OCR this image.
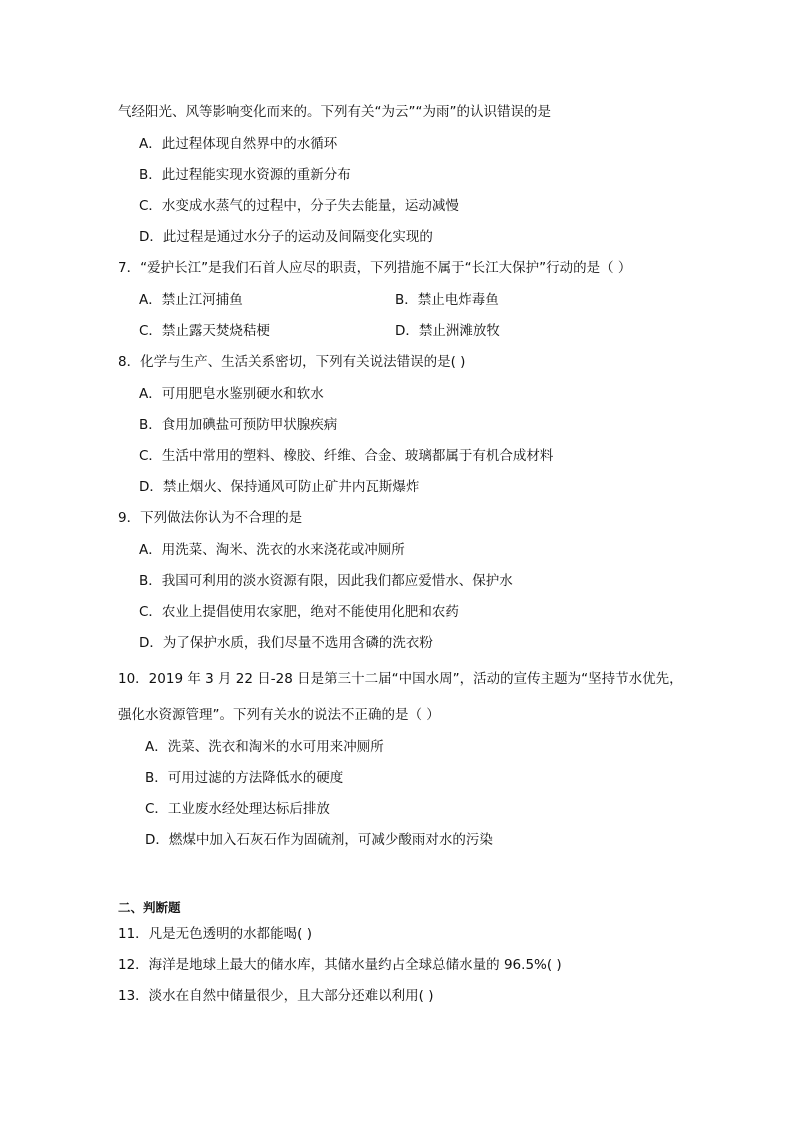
气经阳光、风等影响变化而来的。下列有关“为云”“为雨”的认识错误的是
A．此过程体现自然界中的水循环
B．此过程能实现水资源的重新分布
C．水变成水蒸气的过程中，分子失去能量，运动减慢
D．此过程是通过水分子的运动及间隔变化实现的
7．“爱护长江”是我们石首人应尽的职责，下列措施不属于“长江大保护”行动的是（ ）
A．禁止江河捕鱼	B．禁止电炸毒鱼
C．禁止露天焚烧秸梗	D．禁止洲滩放牧
8．化学与生产、生活关系密切，下列有关说法错误的是( )
A．可用肥皂水鉴别硬水和软水
B．食用加碘盐可预防甲状腺疾病
C．生活中常用的塑料、橡胶、纤维、合金、玻璃都属于有机合成材料
D．禁止烟火、保持通风可防止矿井内瓦斯爆炸
9．下列做法你认为不合理的是
A．用洗菜、淘米、洗衣的水来浇花或冲厕所
B．我国可利用的淡水资源有限，因此我们都应爱惜水、保护水
C．农业上提倡使用农家肥，绝对不能使用化肥和农药
D．为了保护水质，我们尽量不选用含磷的洗衣粉
10．2019 年 3 月 22 日-28 日是第三十二届“中国水周”，活动的宣传主题为“坚持节水优先，
强化水资源管理”。下列有关水的说法不正确的是（ ）
A．洗菜、洗衣和淘米的水可用来冲厕所
B．可用过滤的方法降低水的硬度
C．工业废水经处理达标后排放
D．燃煤中加入石灰石作为固硫剂，可减少酸雨对水的污染
二、判断题
11．凡是无色透明的水都能喝( )
12．海洋是地球上最大的储水库，其储水量约占全球总储水量的 96.5%( )
13．淡水在自然中储量很少，且大部分还难以利用( )
